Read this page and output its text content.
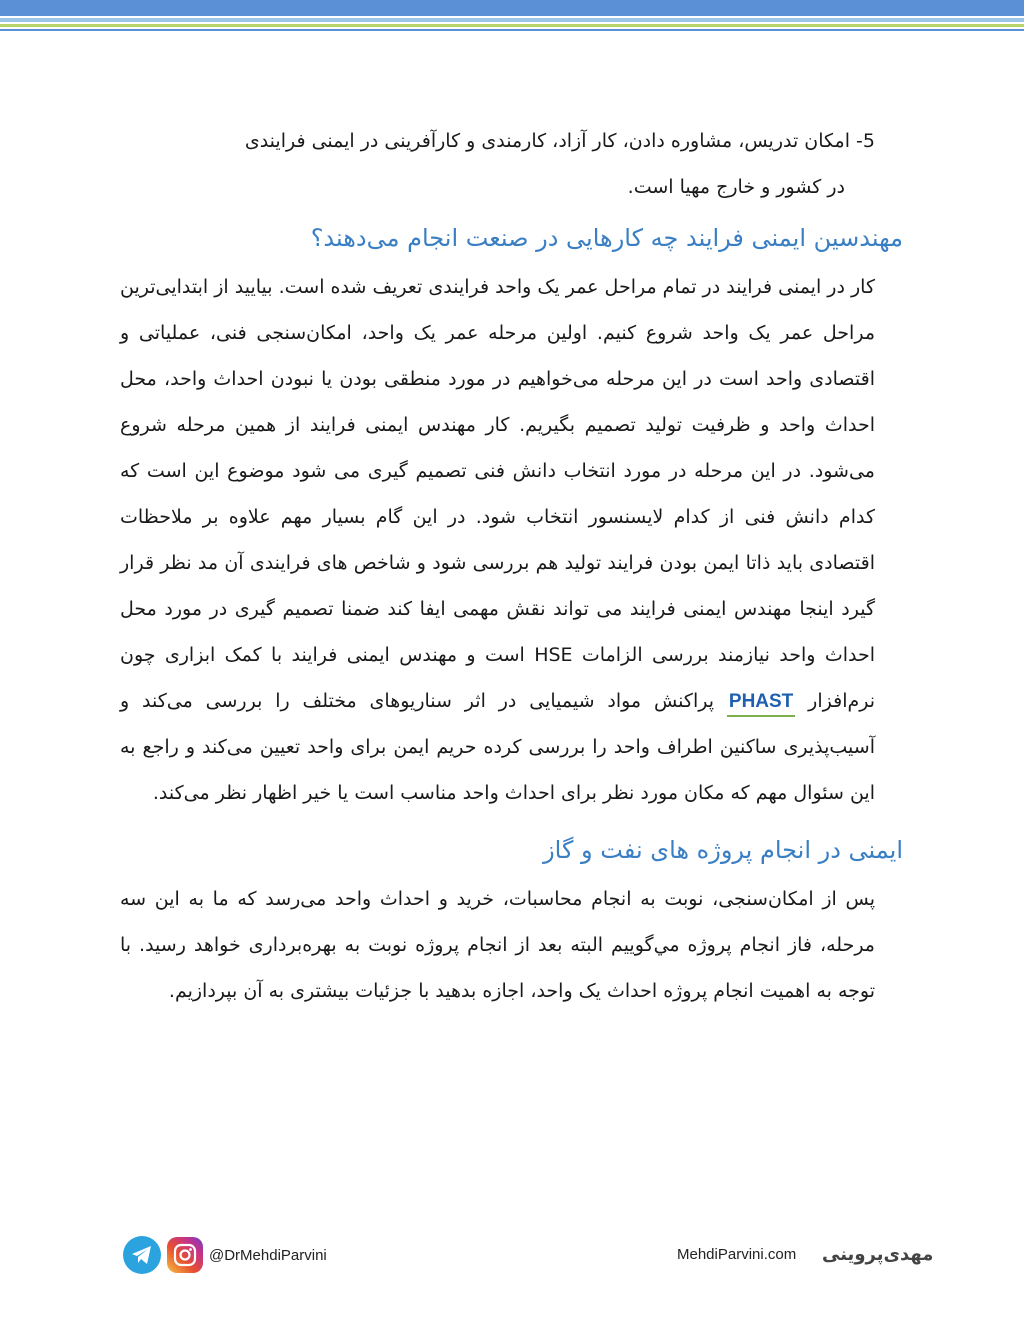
5- امکان تدریس، مشاوره دادن، کار آزاد، کارمندی و کارآفرینی در ایمنی فرایندی
در کشور و خارج مهیا است.

مهندسین ایمنی فرایند چه کارهایی در صنعت انجام می‌دهند؟

کار در ایمنی فرایند در تمام مراحل عمر یک واحد فرایندی تعریف شده است. بیایید از ابتدایی‌ترین مراحل عمر یک واحد شروع کنیم. اولین مرحله عمر یک واحد، امکان‌سنجی فنی، عملیاتی و اقتصادی واحد است در این مرحله می‌خواهیم در مورد منطقی بودن یا نبودن احداث واحد، محل احداث واحد و ظرفیت تولید تصمیم بگیریم. کار مهندس ایمنی فرایند از همین مرحله شروع می‌شود. در این مرحله در مورد انتخاب دانش فنی تصمیم گیری می شود موضوع این است که کدام دانش فنی از کدام لایسنسور انتخاب شود. در این گام بسیار مهم علاوه بر ملاحظات اقتصادی باید ذاتا ایمن بودن فرایند تولید هم بررسی شود و شاخص های فرایندی آن مد نظر قرار گیرد اینجا مهندس ایمنی فرایند می تواند نقش مهمی ایفا کند ضمنا تصمیم گیری در مورد محل احداث واحد نیازمند بررسی الزامات HSE است و مهندس ایمنی فرایند با کمک ابزاری چون نرم‌افزار PHAST پراکنش مواد شیمیایی در اثر سناریوهای مختلف را بررسی می‌کند و آسیب‌پذیری ساکنین اطراف واحد را بررسی کرده حریم ایمن برای واحد تعیین می‌کند و راجع به این سئوال مهم که مکان مورد نظر برای احداث واحد مناسب است یا خیر اظهار نظر می‌کند.

ایمنی در انجام پروژه های نفت و گاز

پس از امکان‌سنجی، نوبت به انجام محاسبات، خرید و احداث واحد می‌رسد که ما به این سه مرحله، فاز انجام پروژه مي‌گوییم البته بعد از انجام پروژه نوبت به بهره‌برداری خواهد رسید. با توجه به اهمیت انجام پروژه احداث یک واحد، اجازه بدهید با جزئیات بیشتری به آن بپردازیم.

@DrMehdiParvini	MehdiParvini.com مهدی‌پروینی
